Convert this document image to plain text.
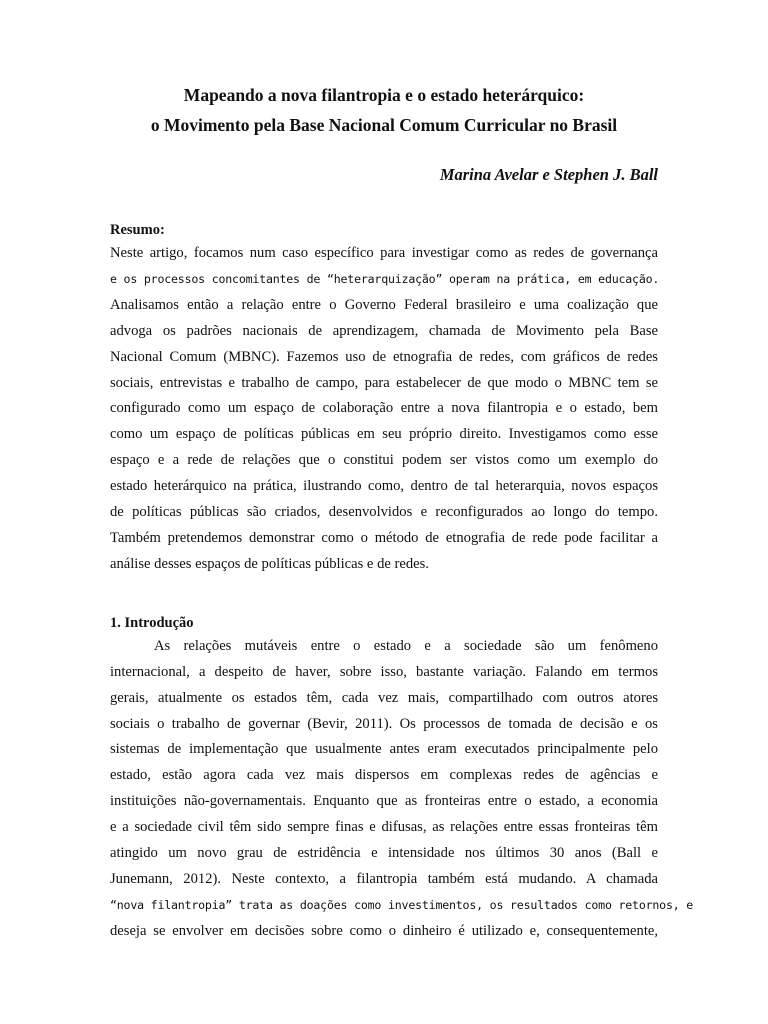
Mapeando a nova filantropia e o estado heterárquico:
o Movimento pela Base Nacional Comum Curricular no Brasil
Marina Avelar e Stephen J. Ball
Resumo:

Neste artigo, focamos num caso específico para investigar como as redes de governança
e os processos concomitantes de “heterarquização” operam na prática, em educação.
Analisamos então a relação entre o Governo Federal brasileiro e uma coalização que
advoga os padrões nacionais de aprendizagem, chamada de Movimento pela Base
Nacional Comum (MBNC). Fazemos uso de etnografia de redes, com gráficos de redes
sociais, entrevistas e trabalho de campo, para estabelecer de que modo o MBNC tem se
configurado como um espaço de colaboração entre a nova filantropia e o estado, bem
como um espaço de políticas públicas em seu próprio direito. Investigamos como esse
espaço e a rede de relações que o constitui podem ser vistos como um exemplo do
estado heterárquico na prática, ilustrando como, dentro de tal heterarquia, novos espaços
de políticas públicas são criados, desenvolvidos e reconfigurados ao longo do tempo.
Também pretendemos demonstrar como o método de etnografia de rede pode facilitar a
análise desses espaços de políticas públicas e de redes.

1. Introdução

As relações mutáveis entre o estado e a sociedade são um fenômeno
internacional, a despeito de haver, sobre isso, bastante variação. Falando em termos
gerais, atualmente os estados têm, cada vez mais, compartilhado com outros atores
sociais o trabalho de governar (Bevir, 2011). Os processos de tomada de decisão e os
sistemas de implementação que usualmente antes eram executados principalmente pelo
estado, estão agora cada vez mais dispersos em complexas redes de agências e
instituições não-governamentais. Enquanto que as fronteiras entre o estado, a economia
e a sociedade civil têm sido sempre finas e difusas, as relações entre essas fronteiras têm
atingido um novo grau de estridência e intensidade nos últimos 30 anos (Ball e
Junemann, 2012). Neste contexto, a filantropia também está mudando. A chamada
“nova filantropia” trata as doações como investimentos, os resultados como retornos, e
deseja se envolver em decisões sobre como o dinheiro é utilizado e, consequentemente,
